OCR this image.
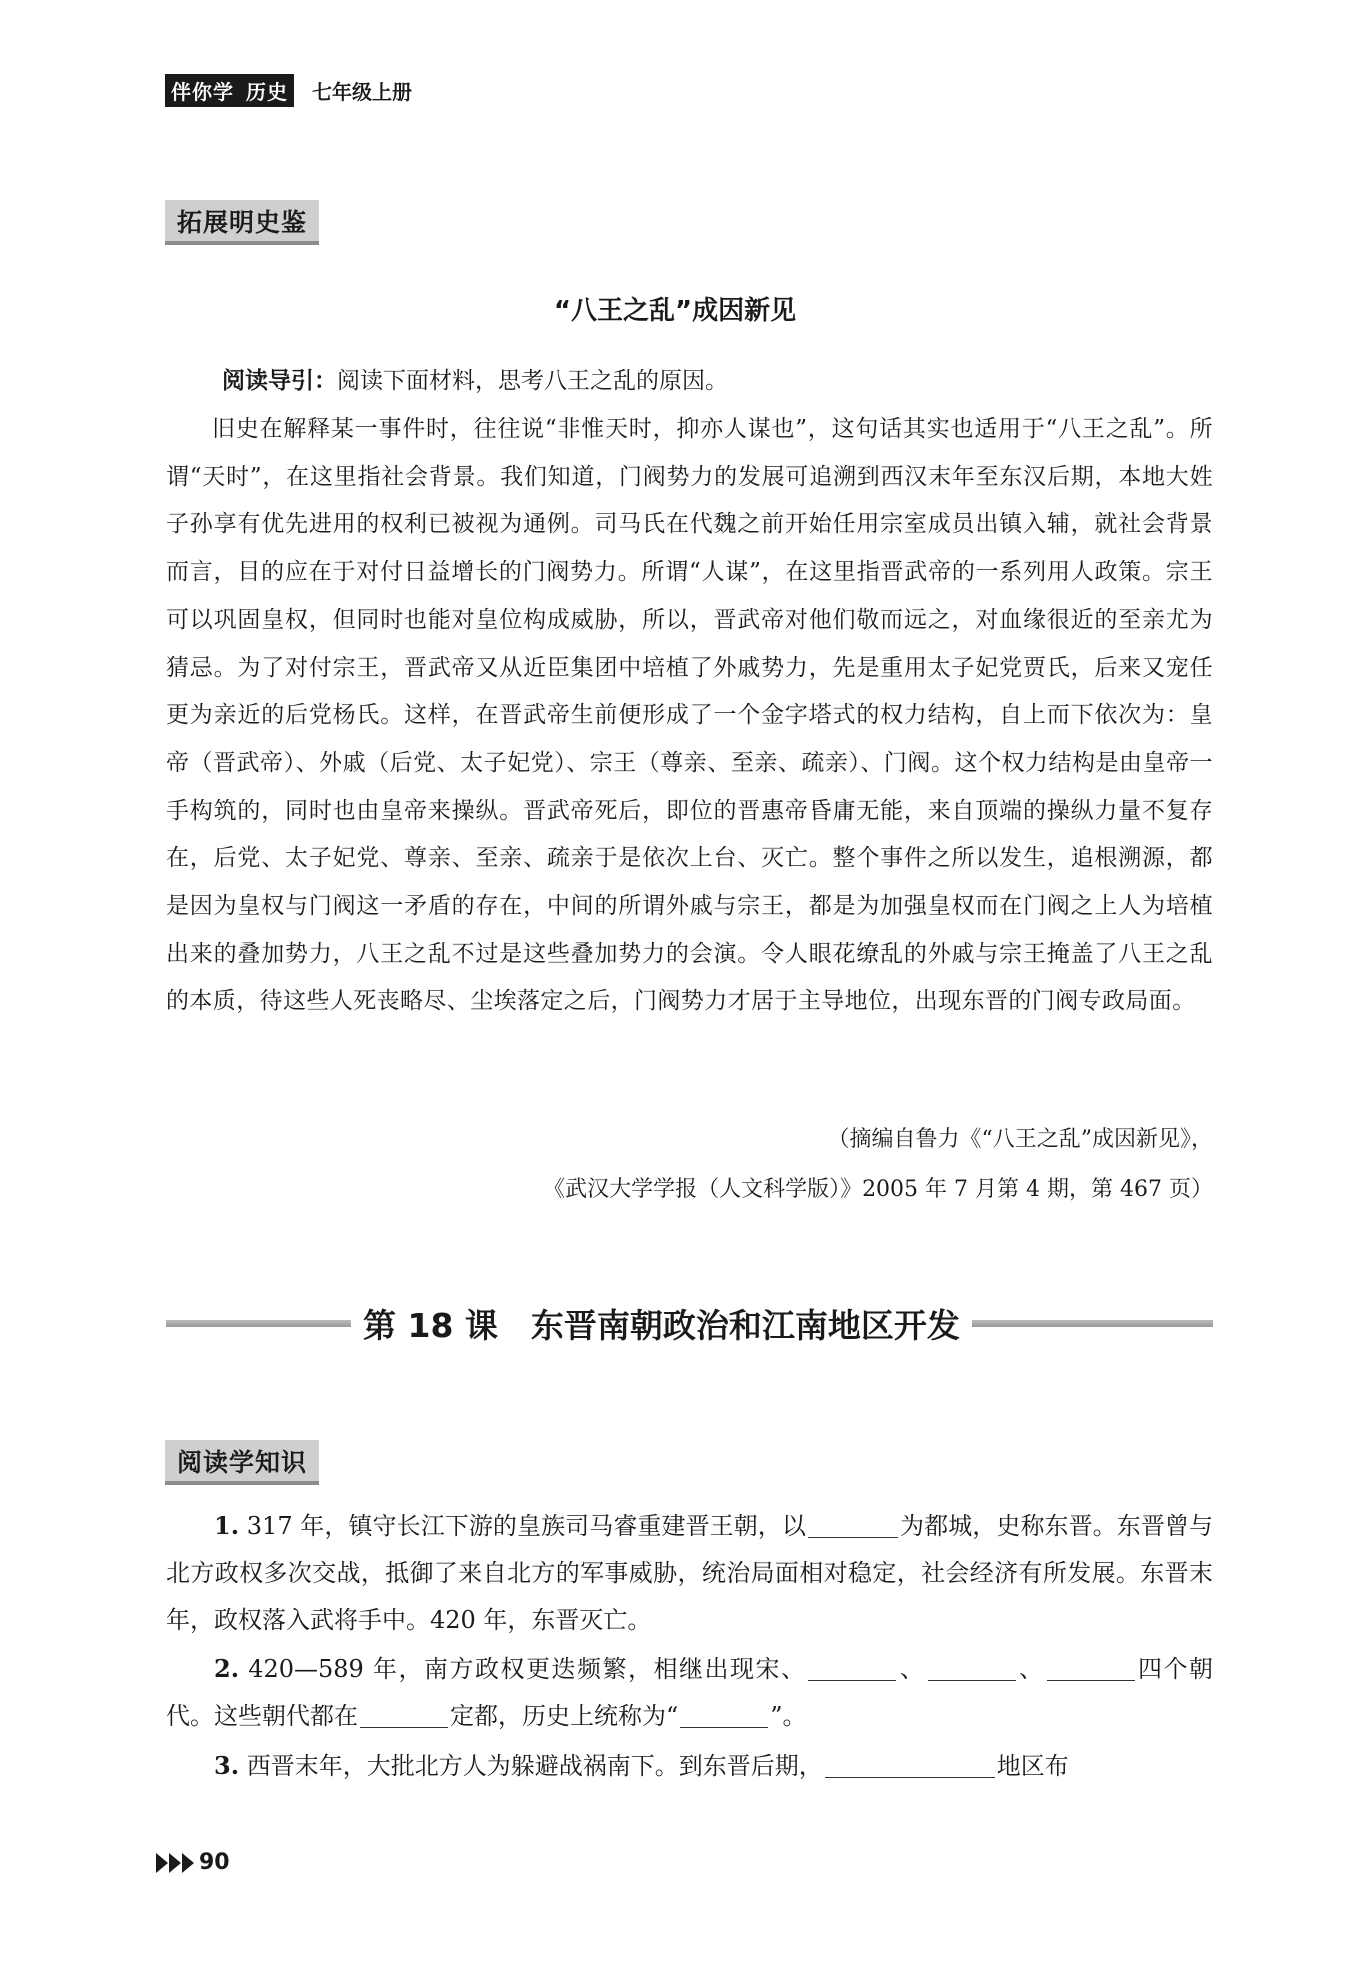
伴你学 历史 七年级上册
拓展明史鉴
“八王之乱”成因新见
阅读导引：阅读下面材料，思考八王之乱的原因。
旧史在解释某一事件时，往往说“非惟天时，抑亦人谋也”，这句话其实也适用于“八王之乱”。所谓“天时”，在这里指社会背景。我们知道，门阀势力的发展可追溯到西汉末年至东汉后期，本地大姓子孙享有优先进用的权利已被视为通例。司马氏在代魏之前开始任用宗室成员出镇入辅，就社会背景而言，目的应在于对付日益增长的门阀势力。所谓“人谋”，在这里指晋武帝的一系列用人政策。宗王可以巩固皇权，但同时也能对皇位构成威胁，所以，晋武帝对他们敬而远之，对血缘很近的至亲尤为猜忌。为了对付宗王，晋武帝又从近臣集团中培植了外戚势力，先是重用太子妃党贾氏，后来又宠任更为亲近的后党杨氏。这样，在晋武帝生前便形成了一个金字塔式的权力结构，自上而下依次为：皇帝（晋武帝）、外戚（后党、太子妃党）、宗王（尊亲、至亲、疏亲）、门阀。这个权力结构是由皇帝一手构筑的，同时也由皇帝来操纵。晋武帝死后，即位的晋惠帝昏庸无能，来自顶端的操纵力量不复存在，后党、太子妃党、尊亲、至亲、疏亲于是依次上台、灭亡。整个事件之所以发生，追根溯源，都是因为皇权与门阀这一矛盾的存在，中间的所谓外戚与宗王，都是为加强皇权而在门阀之上人为培植出来的叠加势力，八王之乱不过是这些叠加势力的会演。令人眼花缭乱的外戚与宗王掩盖了八王之乱的本质，待这些人死丧略尽、尘埃落定之后，门阀势力才居于主导地位，出现东晋的门阀专政局面。
（摘编自鲁力《“八王之乱”成因新见》，
《武汉大学学报（人文科学版）》2005 年 7 月第 4 期，第 467 页）
第 18 课　东晋南朝政治和江南地区开发
阅读学知识
1. 317 年，镇守长江下游的皇族司马睿重建晋王朝，以	为都城，史称东晋。东晋曾与北方政权多次交战，抵御了来自北方的军事威胁，统治局面相对稳定，社会经济有所发展。东晋末年，政权落入武将手中。420 年，东晋灭亡。
2. 420—589 年，南方政权更迭频繁，相继出现宋、	、	、	四个朝代。这些朝代都在	定都，历史上统称为“	”。
3. 西晋末年，大批北方人为躲避战祸南下。到东晋后期，	地区布
90
